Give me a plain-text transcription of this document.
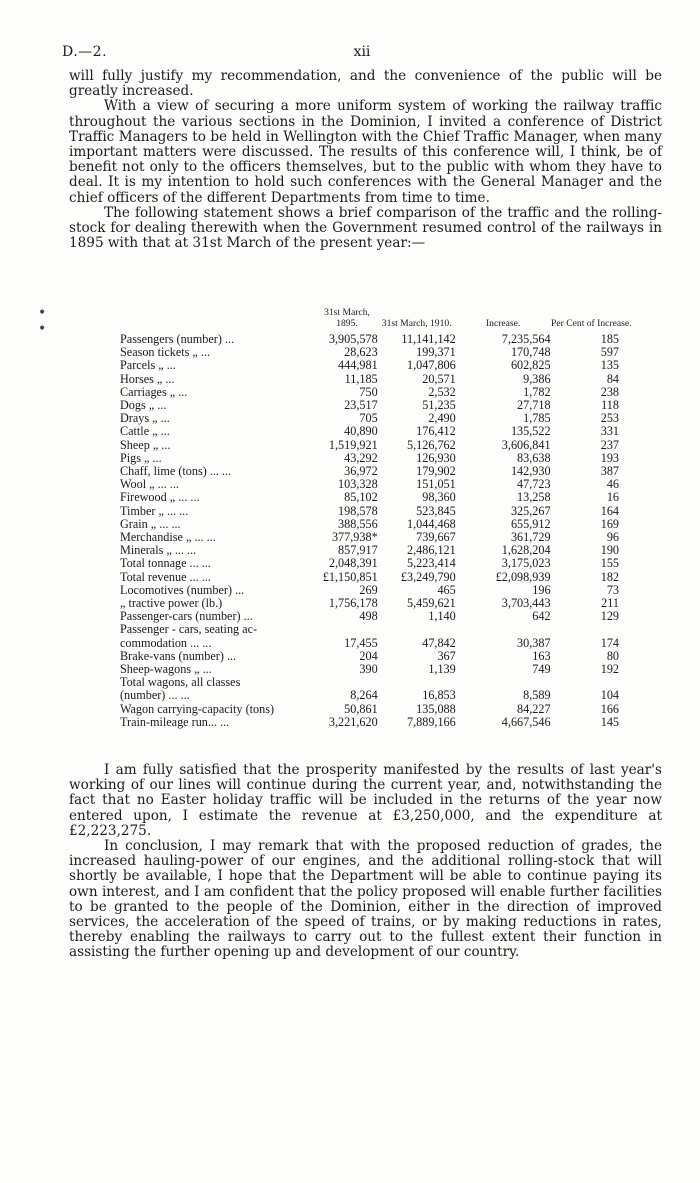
D.—2.	xii
•
•

will fully justify my recommendation, and the convenience of the public will be greatly increased.

With a view of securing a more uniform system of working the railway traffic throughout the various sections in the Dominion, I invited a conference of District Traffic Managers to be held in Wellington with the Chief Traffic Manager, when many important matters were discussed. The results of this conference will, I think, be of benefit not only to the officers themselves, but to the public with whom they have to deal. It is my intention to hold such conferences with the General Manager and the chief officers of the different Departments from time to time.

The following statement shows a brief comparison of the traffic and the rolling-stock for dealing therewith when the Government resumed control of the railways in 1895 with that at 31st March of the present year:—

	31st March, 1895.	31st March, 1910.	Increase.	Per Cent of Increase.
Passengers (number) ...	3,905,578	11,141,142	7,235,564	185
Season tickets „ ...	28,623	199,371	170,748	597
Parcels „ ...	444,981	1,047,806	602,825	135
Horses „ ...	11,185	20,571	9,386	84
Carriages „ ...	750	2,532	1,782	238
Dogs „ ...	23,517	51,235	27,718	118
Drays „ ...	705	2,490	1,785	253
Cattle „ ...	40,890	176,412	135,522	331
Sheep „ ...	1,519,921	5,126,762	3,606,841	237
Pigs „ ...	43,292	126,930	83,638	193
Chaff, lime (tons) ... ...	36,972	179,902	142,930	387
Wool „ ... ...	103,328	151,051	47,723	46
Firewood „ ... ...	85,102	98,360	13,258	16
Timber „ ... ...	198,578	523,845	325,267	164
Grain „ ... ...	388,556	1,044,468	655,912	169
Merchandise „ ... ...	377,938*	739,667	361,729	96
Minerals „ ... ...	857,917	2,486,121	1,628,204	190
Total tonnage ... ...	2,048,391	5,223,414	3,175,023	155
Total revenue ... ...	£1,150,851	£3,249,790	£2,098,939	182
Locomotives (number) ...	269	465	196	73
„ tractive power (lb.)	1,756,178	5,459,621	3,703,443	211
Passenger-cars (number) ...	498	1,140	642	129
Passenger - cars, seating ac-				
commodation ... ...	17,455	47,842	30,387	174
Brake-vans (number) ...	204	367	163	80
Sheep-wagons „ ...	390	1,139	749	192
Total wagons, all classes				
(number) ... ...	8,264	16,853	8,589	104
Wagon carrying-capacity (tons)	50,861	135,088	84,227	166
Train-mileage run... ...	3,221,620	7,889,166	4,667,546	145

I am fully satisfied that the prosperity manifested by the results of last year's working of our lines will continue during the current year, and, notwithstanding the fact that no Easter holiday traffic will be included in the returns of the year now entered upon, I estimate the revenue at £3,250,000, and the expenditure at £2,223,275.

In conclusion, I may remark that with the proposed reduction of grades, the increased hauling-power of our engines, and the additional rolling-stock that will shortly be available, I hope that the Department will be able to continue paying its own interest, and I am confident that the policy proposed will enable further facilities to be granted to the people of the Dominion, either in the direction of improved services, the acceleration of the speed of trains, or by making reductions in rates, thereby enabling the railways to carry out to the fullest extent their function in assisting the further opening up and development of our country.
